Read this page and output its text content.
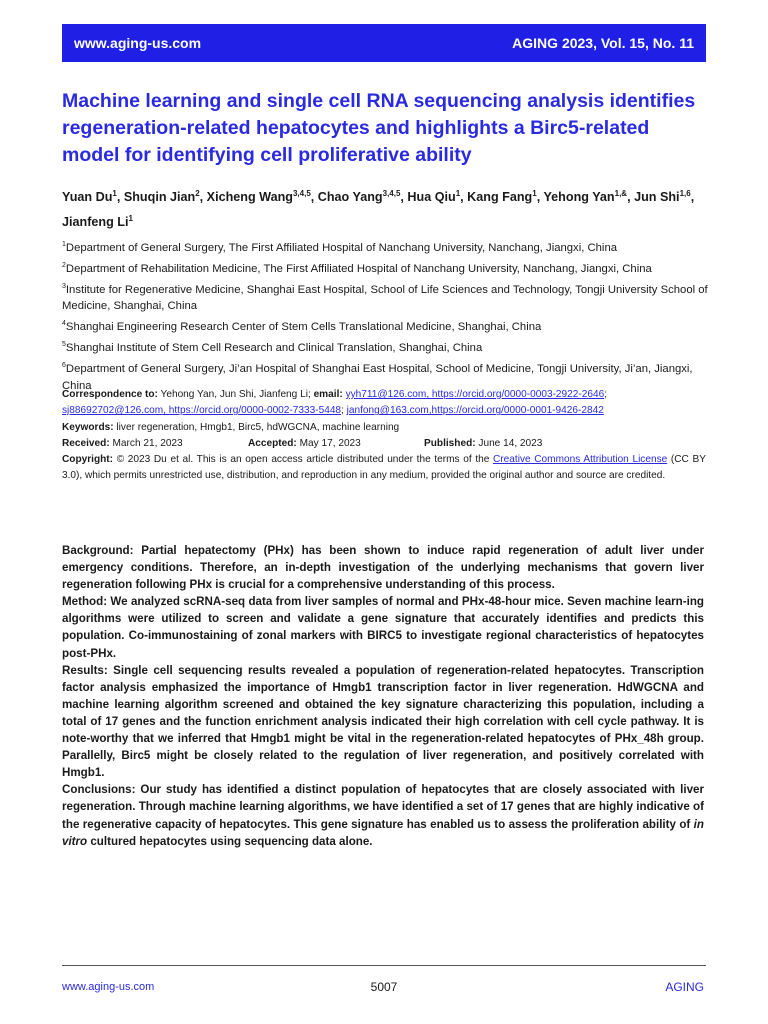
www.aging-us.com	AGING 2023, Vol. 15, No. 11
Machine learning and single cell RNA sequencing analysis identifies regeneration-related hepatocytes and highlights a Birc5-related model for identifying cell proliferative ability
Yuan Du$^1$, Shuqin Jian$^2$, Xicheng Wang$^{3,4,5}$, Chao Yang$^{3,4,5}$, Hua Qiu$^1$, Kang Fang$^1$, Yehong Yan$^{1,\&}$, Jun Shi$^{1,6}$, Jianfeng Li$^1$
$^1$Department of General Surgery, The First Affiliated Hospital of Nanchang University, Nanchang, Jiangxi, China
$^2$Department of Rehabilitation Medicine, The First Affiliated Hospital of Nanchang University, Nanchang, Jiangxi, China
$^3$Institute for Regenerative Medicine, Shanghai East Hospital, School of Life Sciences and Technology, Tongji University School of Medicine, Shanghai, China
$^4$Shanghai Engineering Research Center of Stem Cells Translational Medicine, Shanghai, China
$^5$Shanghai Institute of Stem Cell Research and Clinical Translation, Shanghai, China
$^6$Department of General Surgery, Ji’an Hospital of Shanghai East Hospital, School of Medicine, Tongji University, Ji’an, Jiangxi, China
Correspondence to: Yehong Yan, Jun Shi, Jianfeng Li; email: yyh711@126.com, https://orcid.org/0000-0003-2922-2646; sj88692702@126.com, https://orcid.org/0000-0002-7333-5448; janfong@163.com,https://orcid.org/0000-0001-9426-2842
Keywords: liver regeneration, Hmgb1, Birc5, hdWGCNA, machine learning
Received: March 21, 2023	Accepted: May 17, 2023	Published: June 14, 2023
Copyright: © 2023 Du et al. This is an open access article distributed under the terms of the Creative Commons Attribution License (CC BY 3.0), which permits unrestricted use, distribution, and reproduction in any medium, provided the original author and source are credited.

Background: Partial hepatectomy (PHx) has been shown to induce rapid regeneration of adult liver under emergency conditions. Therefore, an in-depth investigation of the underlying mechanisms that govern liver regeneration following PHx is crucial for a comprehensive understanding of this process.

Method: We analyzed scRNA-seq data from liver samples of normal and PHx-48-hour mice. Seven machine learn-ing algorithms were utilized to screen and validate a gene signature that accurately identifies and predicts this population. Co-immunostaining of zonal markers with BIRC5 to investigate regional characteristics of hepatocytes post-PHx.

Results: Single cell sequencing results revealed a population of regeneration-related hepatocytes. Transcription factor analysis emphasized the importance of Hmgb1 transcription factor in liver regeneration. HdWGCNA and machine learning algorithm screened and obtained the key signature characterizing this population, including a total of 17 genes and the function enrichment analysis indicated their high correlation with cell cycle pathway. It is note-worthy that we inferred that Hmgb1 might be vital in the regeneration-related hepatocytes of PHx_48h group. Parallelly, Birc5 might be closely related to the regulation of liver regeneration, and positively correlated with Hmgb1.

Conclusions: Our study has identified a distinct population of hepatocytes that are closely associated with liver regeneration. Through machine learning algorithms, we have identified a set of 17 genes that are highly indicative of the regenerative capacity of hepatocytes. This gene signature has enabled us to assess the proliferation ability of in vitro cultured hepatocytes using sequencing data alone.

www.aging-us.com	5007	AGING
